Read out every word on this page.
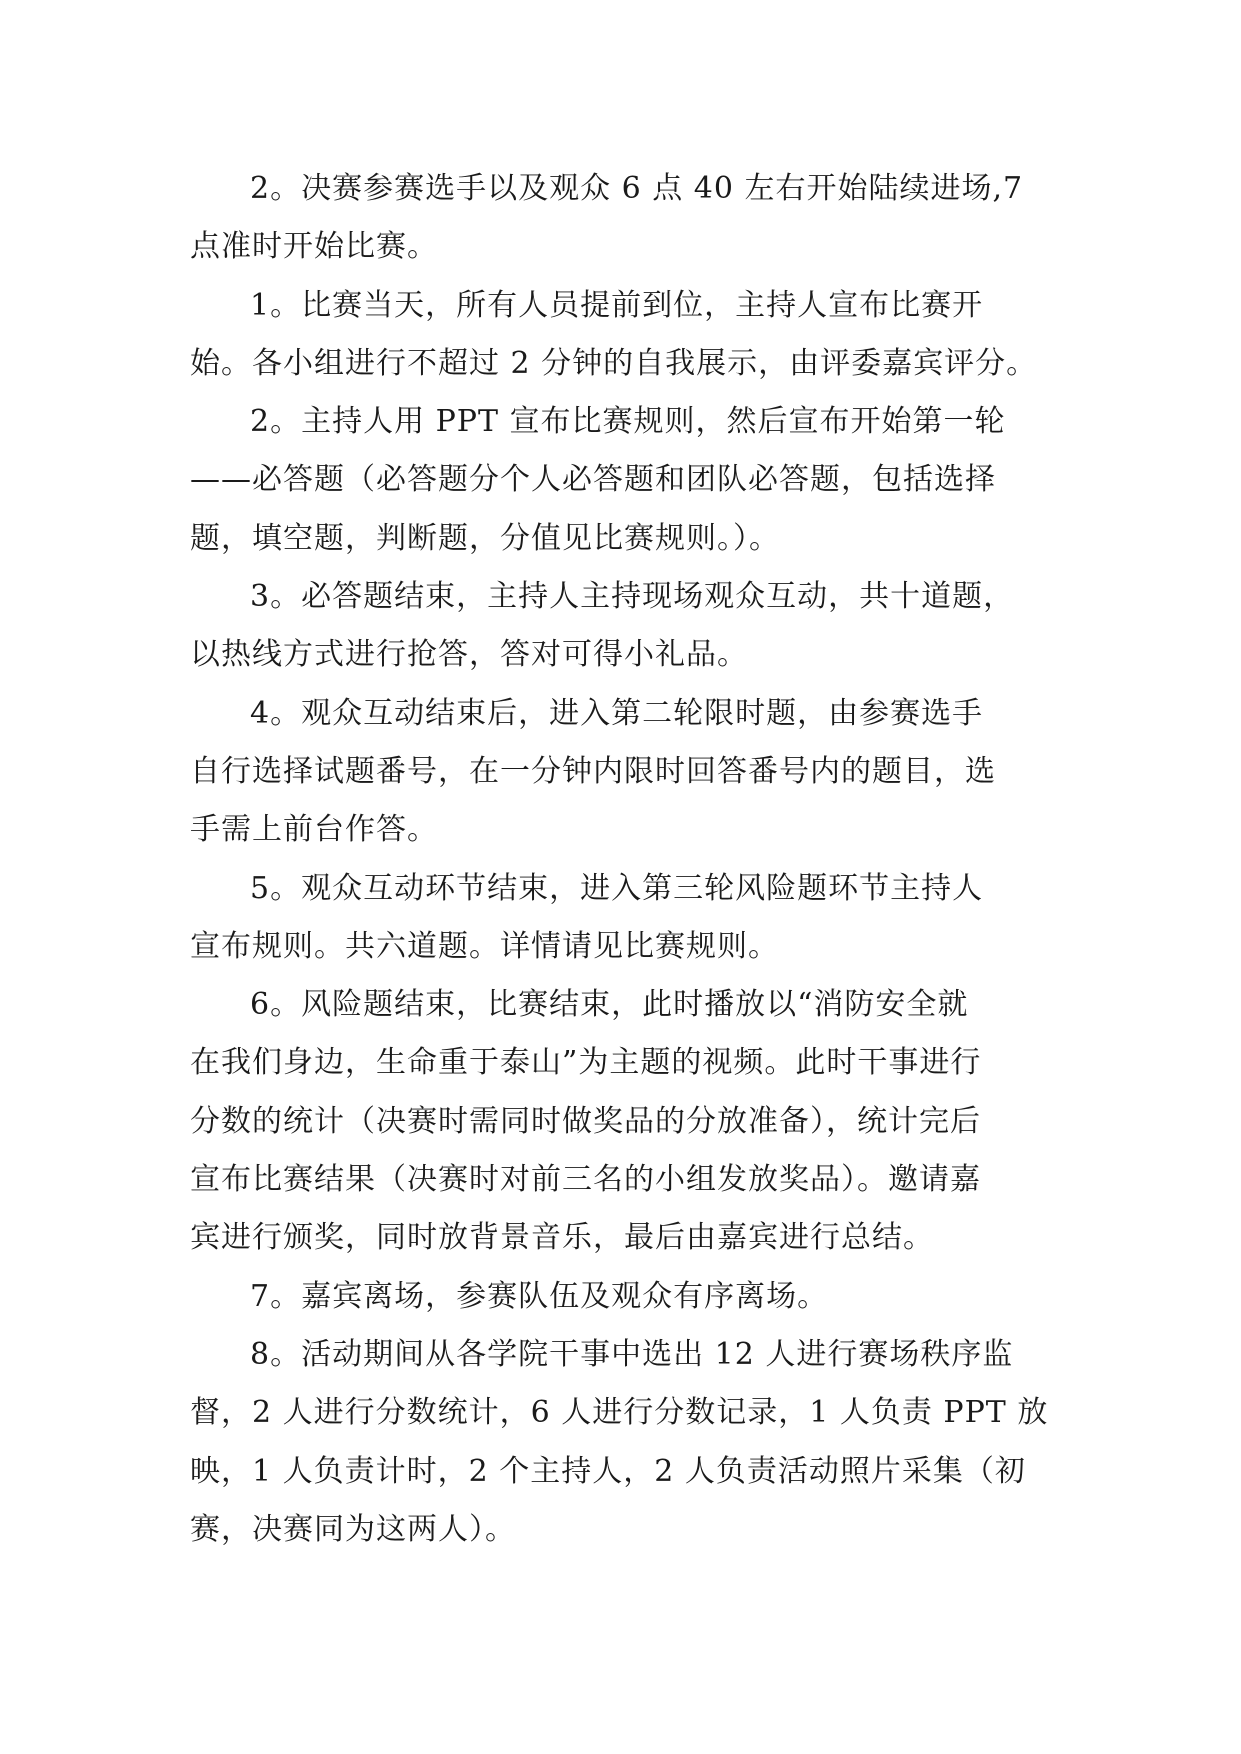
2。决赛参赛选手以及观众 6 点 40 左右开始陆续进场,7
点准时开始比赛。
1。比赛当天，所有人员提前到位，主持人宣布比赛开
始。各小组进行不超过 2 分钟的自我展示，由评委嘉宾评分。
2。主持人用 PPT 宣布比赛规则，然后宣布开始第一轮
——必答题（必答题分个人必答题和团队必答题，包括选择
题，填空题，判断题，分值见比赛规则。）。
3。必答题结束，主持人主持现场观众互动，共十道题，
以热线方式进行抢答，答对可得小礼品。
4。观众互动结束后，进入第二轮限时题，由参赛选手
自行选择试题番号，在一分钟内限时回答番号内的题目，选
手需上前台作答。
5。观众互动环节结束，进入第三轮风险题环节主持人
宣布规则。共六道题。详情请见比赛规则。
6。风险题结束，比赛结束，此时播放以“消防安全就
在我们身边，生命重于泰山”为主题的视频。此时干事进行
分数的统计（决赛时需同时做奖品的分放准备），统计完后
宣布比赛结果（决赛时对前三名的小组发放奖品）。邀请嘉
宾进行颁奖，同时放背景音乐，最后由嘉宾进行总结。
7。嘉宾离场，参赛队伍及观众有序离场。
8。活动期间从各学院干事中选出 12 人进行赛场秩序监
督，2 人进行分数统计，6 人进行分数记录，1 人负责 PPT 放
映，1 人负责计时，2 个主持人，2 人负责活动照片采集（初
赛，决赛同为这两人）。
